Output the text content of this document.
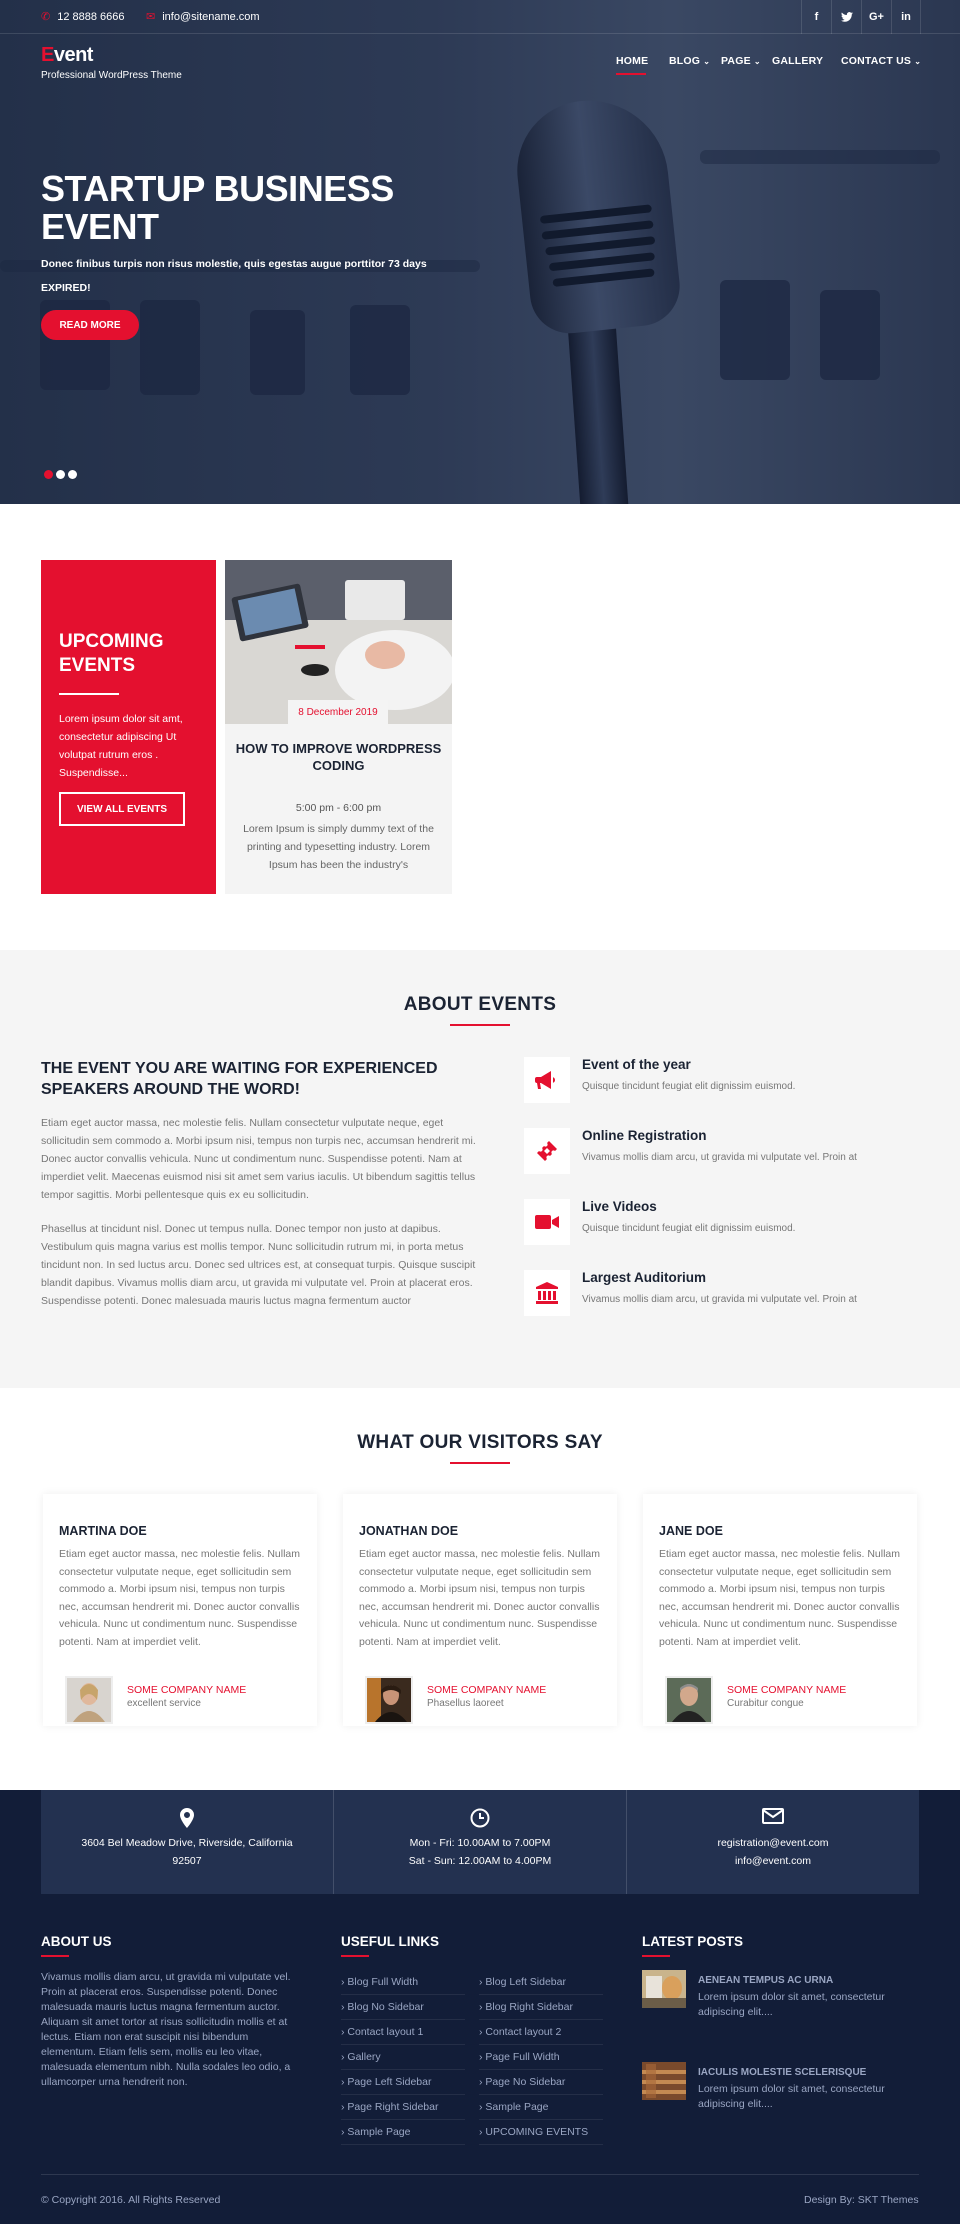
✆ 12 8888 6666 ✉ info@sitename.com	f	G+	in
Event
Professional WordPress Theme
HOME BLOG ⌄ PAGE ⌄ GALLERY CONTACT US ⌄
STARTUP BUSINESS EVENT
Donec finibus turpis non risus molestie, quis egestas augue porttitor 73 days
EXPIRED!
READ MORE
UPCOMING EVENTS

Lorem ipsum dolor sit amt, consectetur adipiscing Ut volutpat rutrum eros . Suspendisse...

VIEW ALL EVENTS
8 December 2019
HOW TO IMPROVE WORDPRESS CODING
5:00 pm - 6:00 pm

Lorem Ipsum is simply dummy text of the printing and typesetting industry. Lorem Ipsum has been the industry's

ABOUT EVENTS
THE EVENT YOU ARE WAITING FOR EXPERIENCED SPEAKERS AROUND THE WORD!

Etiam eget auctor massa, nec molestie felis. Nullam consectetur vulputate neque, eget sollicitudin sem commodo a. Morbi ipsum nisi, tempus non turpis nec, accumsan hendrerit mi. Donec auctor convallis vehicula. Nunc ut condimentum nunc. Suspendisse potenti. Nam at imperdiet velit. Maecenas euismod nisi sit amet sem varius iaculis. Ut bibendum sagittis tellus tempor sagittis. Morbi pellentesque quis ex eu sollicitudin.

Phasellus at tincidunt nisl. Donec ut tempus nulla. Donec tempor non justo at dapibus. Vestibulum quis magna varius est mollis tempor. Nunc sollicitudin rutrum mi, in porta metus tincidunt non. In sed luctus arcu. Donec sed ultrices est, at consequat turpis. Quisque suscipit blandit dapibus. Vivamus mollis diam arcu, ut gravida mi vulputate vel. Proin at placerat eros. Suspendisse potenti. Donec malesuada mauris luctus magna fermentum auctor

Event of the year
Quisque tincidunt feugiat elit dignissim euismod.
Online Registration
Vivamus mollis diam arcu, ut gravida mi vulputate vel. Proin at
Live Videos
Quisque tincidunt feugiat elit dignissim euismod.
Largest Auditorium
Vivamus mollis diam arcu, ut gravida mi vulputate vel. Proin at
WHAT OUR VISITORS SAY
MARTINA DOE

Etiam eget auctor massa, nec molestie felis. Nullam consectetur vulputate neque, eget sollicitudin sem commodo a. Morbi ipsum nisi, tempus non turpis nec, accumsan hendrerit mi. Donec auctor convallis vehicula. Nunc ut condimentum nunc. Suspendisse potenti. Nam at imperdiet velit.

SOME COMPANY NAME
excellent service
JONATHAN DOE

Etiam eget auctor massa, nec molestie felis. Nullam consectetur vulputate neque, eget sollicitudin sem commodo a. Morbi ipsum nisi, tempus non turpis nec, accumsan hendrerit mi. Donec auctor convallis vehicula. Nunc ut condimentum nunc. Suspendisse potenti. Nam at imperdiet velit.

SOME COMPANY NAME
Phasellus laoreet
JANE DOE

Etiam eget auctor massa, nec molestie felis. Nullam consectetur vulputate neque, eget sollicitudin sem commodo a. Morbi ipsum nisi, tempus non turpis nec, accumsan hendrerit mi. Donec auctor convallis vehicula. Nunc ut condimentum nunc. Suspendisse potenti. Nam at imperdiet velit.

SOME COMPANY NAME
Curabitur congue
3604 Bel Meadow Drive, Riverside, California
92507
Mon - Fri: 10.00AM to 7.00PM
Sat - Sun: 12.00AM to 4.00PM
registration@event.com
info@event.com
ABOUT US

Vivamus mollis diam arcu, ut gravida mi vulputate vel. Proin at placerat eros. Suspendisse potenti. Donec malesuada mauris luctus magna fermentum auctor. Aliquam sit amet tortor at risus sollicitudin mollis et at lectus. Etiam non erat suscipit nisi bibendum elementum. Etiam felis sem, mollis eu leo vitae, malesuada elementum nibh. Nulla sodales leo odio, a ullamcorper urna hendrerit non.

USEFUL LINKS
› Blog Full Width
› Blog No Sidebar
› Contact layout 1
› Gallery
› Page Left Sidebar
› Page Right Sidebar
› Sample Page
› Blog Left Sidebar
› Blog Right Sidebar
› Contact layout 2
› Page Full Width
› Page No Sidebar
› Sample Page
› UPCOMING EVENTS
LATEST POSTS
AENEAN TEMPUS AC URNA

Lorem ipsum dolor sit amet, consectetur adipiscing elit....

IACULIS MOLESTIE SCELERISQUE

Lorem ipsum dolor sit amet, consectetur adipiscing elit....

© Copyright 2016. All Rights Reserved	Design By: SKT Themes
